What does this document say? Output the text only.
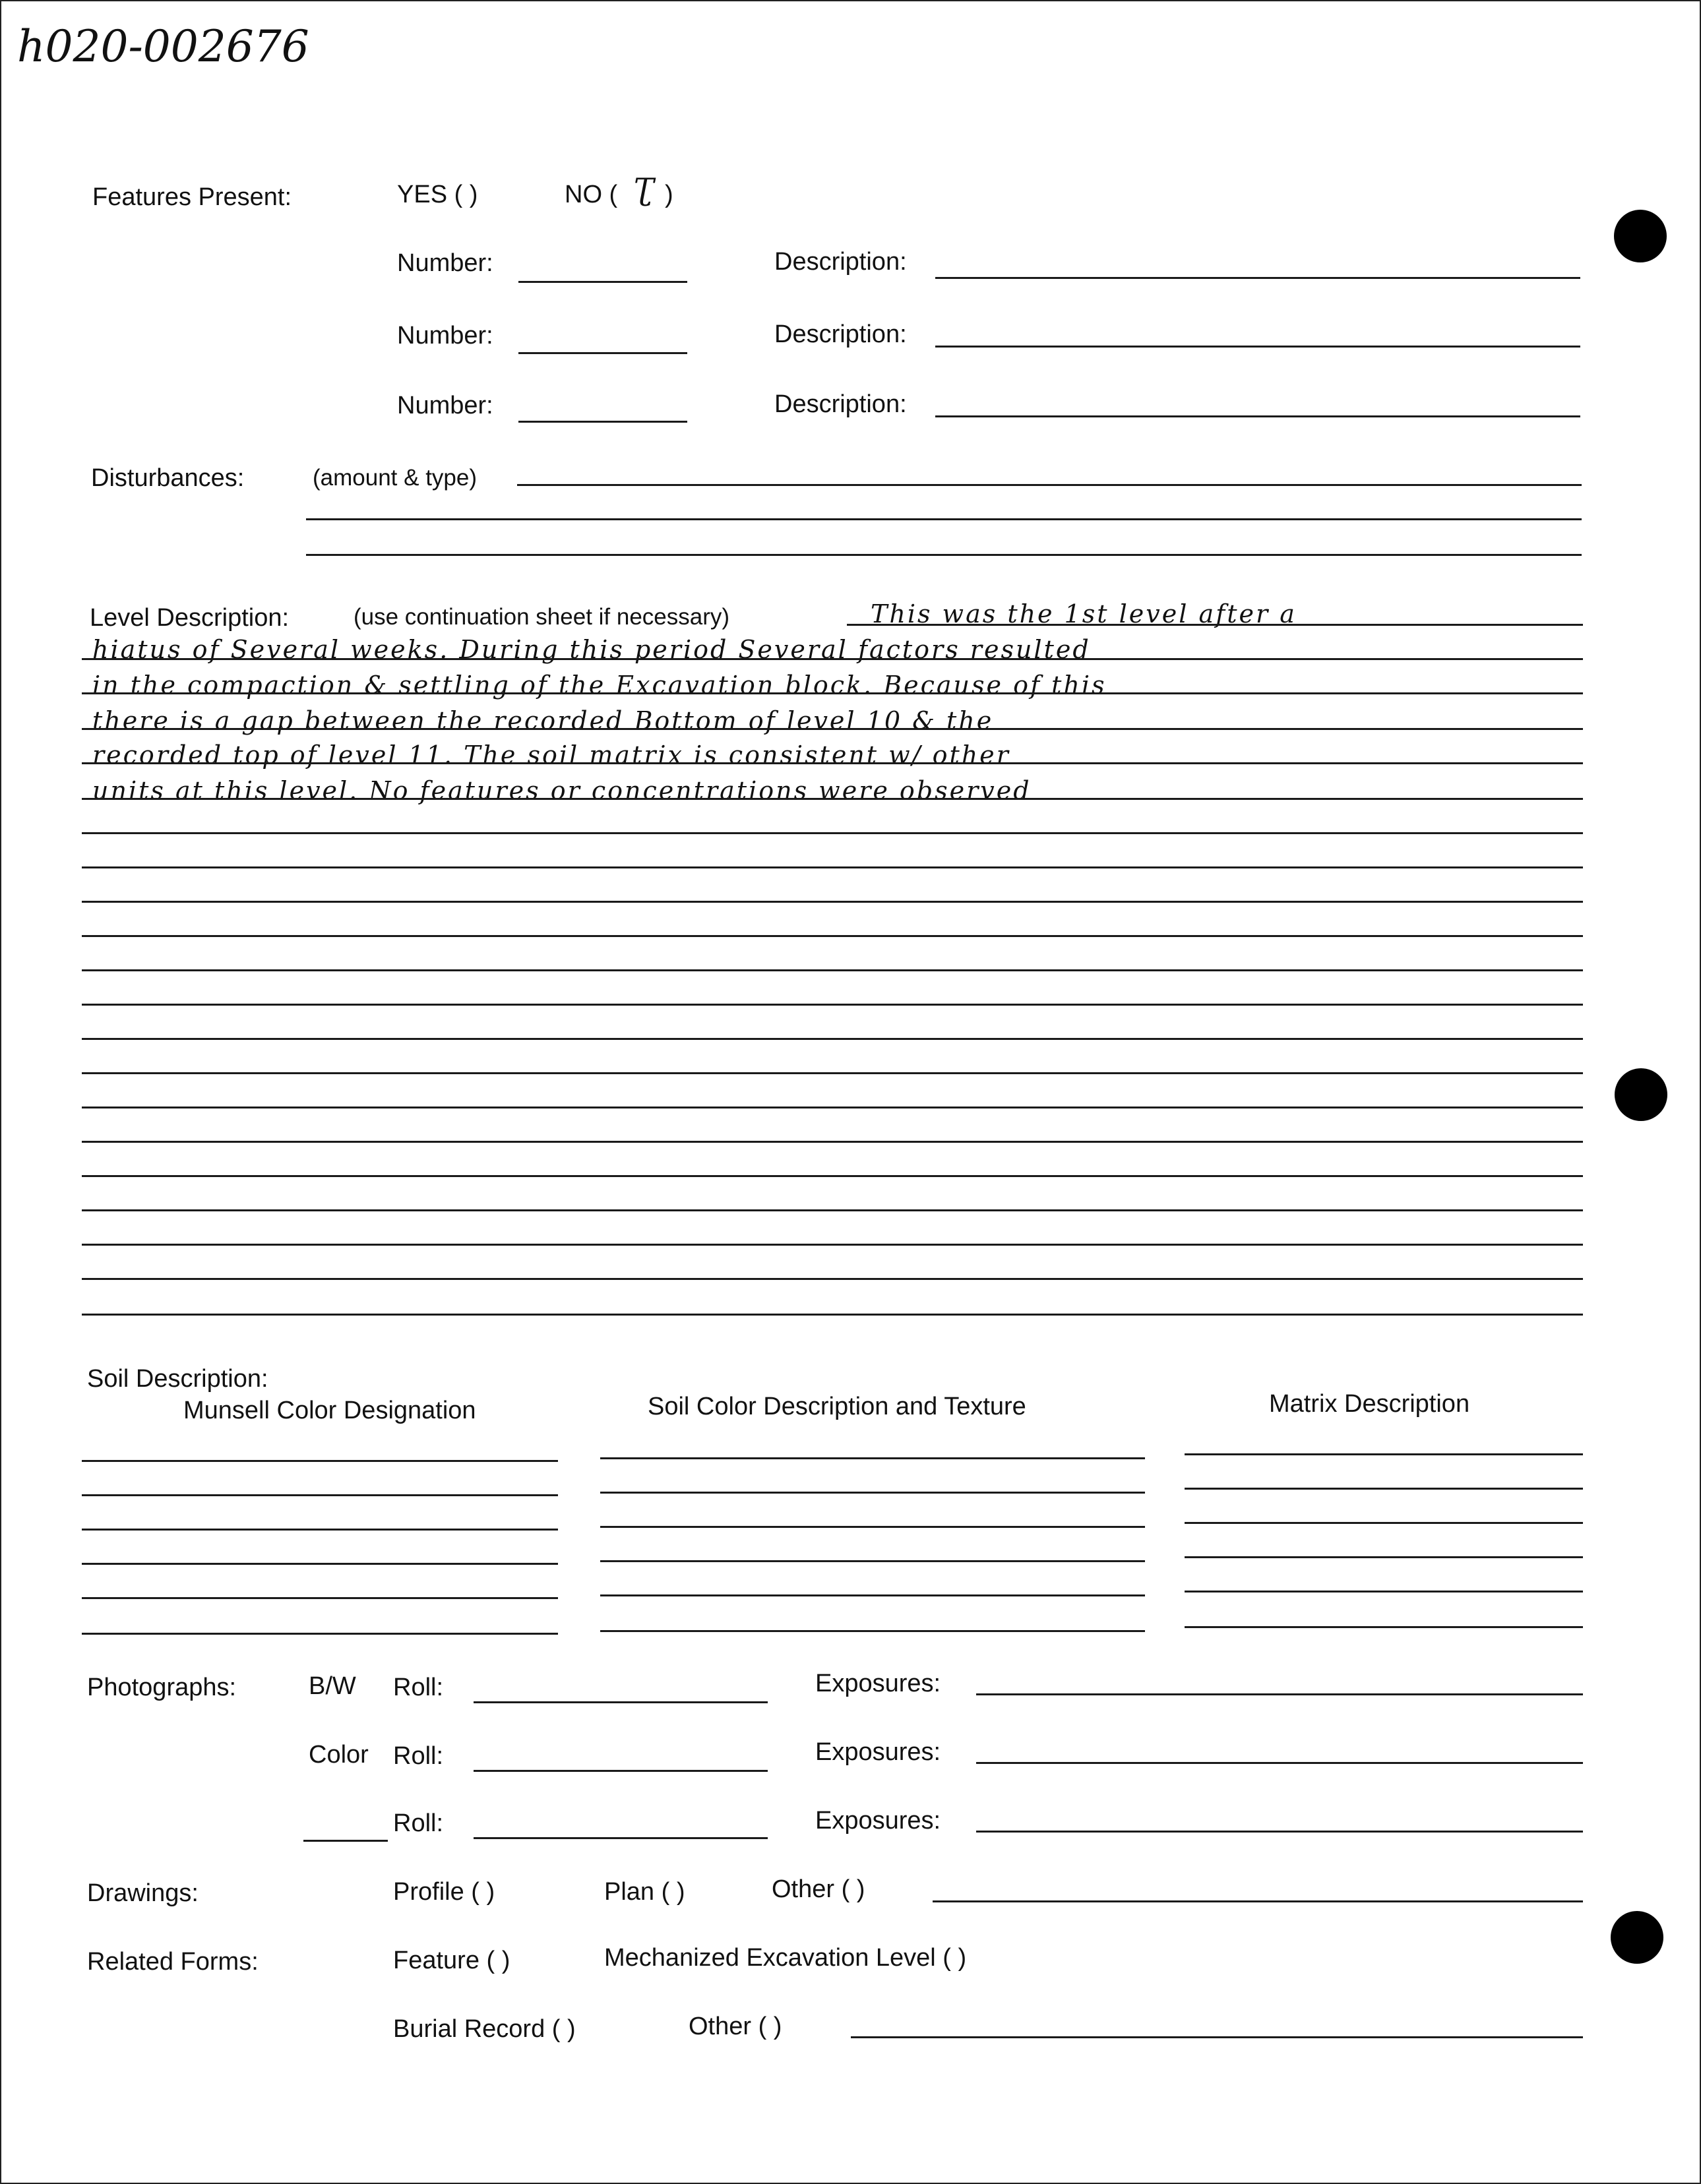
h020-002676
Features Present:	YES ( )	NO ( Ʈ )
Number:	Description:
Number:	Description:
Number:	Description:
Disturbances:	(amount & type)
Level Description:	(use continuation sheet if necessary)	This was the 1st level after a
hiatus of Several weeks. During this period Several factors resulted
in the compaction & settling of the Excavation block. Because of this
there is a gap between the recorded Bottom of level 10 & the
recorded top of level 11. The soil matrix is consistent w/ other
units at this level. No features or concentrations were observed
Soil Description:
Munsell Color Designation	Soil Color Description and Texture	Matrix Description
Photographs:	B/W Roll:	Exposures:
Color Roll:	Exposures:
Roll:	Exposures:
Drawings:	Profile ( )	Plan ( )	Other ( )
Related Forms:	Feature ( )	Mechanized Excavation Level ( )
Burial Record ( )	Other ( )
